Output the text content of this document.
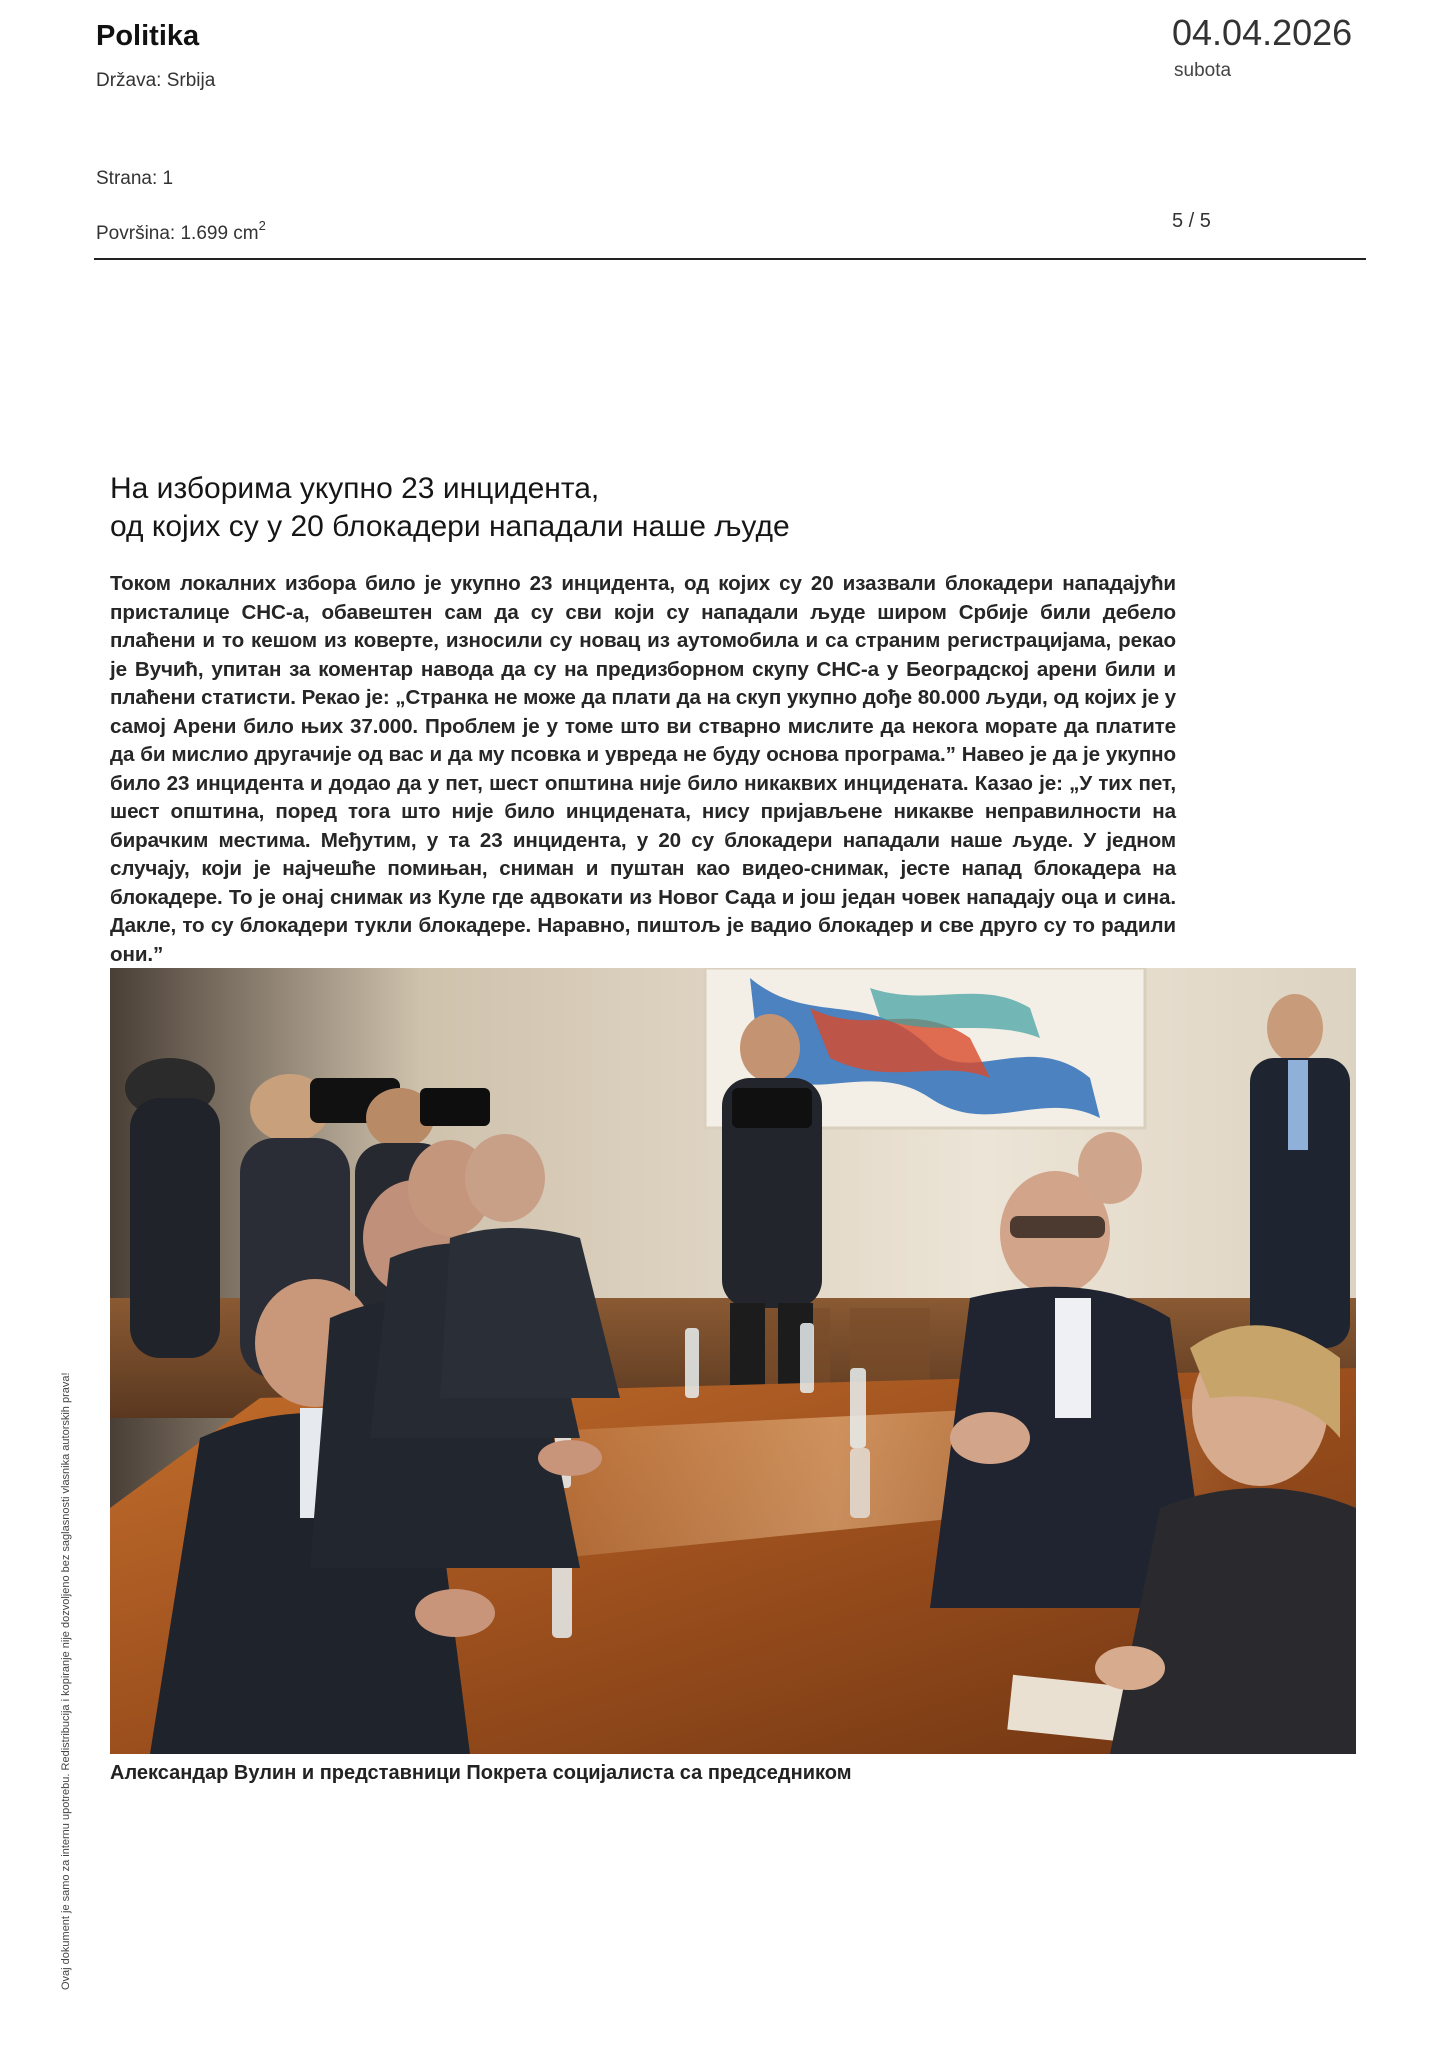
Politika
Država: Srbija
04.04.2026
subota
Strana: 1
Površina: 1.699 $cm^2$	5 / 5
На изборима укупно 23 инцидента,
од којих су у 20 блокадери нападали наше људе

Током локалних избора било је укупно 23 инцидента, од којих су 20 изазвали блокадери нападајући присталице СНС-а, обавештен сам да су сви који су нападали људе широм Србије били дебело плаћени и то кешом из коверте, износили су новац из аутомобила и са страним регистрацијама, рекао је Вучић, упитан за коментар навода да су на предизборном скупу СНС-а у Београдској арени били и плаћени статисти. Рекао је: „Странка не може да плати да на скуп укупно дође 80.000 људи, од којих је у самој Арени било њих 37.000. Проблем је у томе што ви стварно мислите да некога морате да платите да би мислио другачије од вас и да му псовка и увреда не буду основа програма.” Навео је да је укупно било 23 инцидента и додао да у пет, шест општина није било никаквих инцидената. Казао је: „У тих пет, шест општина, поред тога што није било инцидената, нису пријављене никакве неправилности на бирачким местима. Међутим, у та 23 инцидента, у 20 су блокадери нападали наше људе. У једном случају, који је најчешће помињан, сниман и пуштан као видео-снимак, јесте напад блокадера на блокадере. То је онај снимак из Куле где адвокати из Новог Сада и још један човек нападају оца и сина. Дакле, то су блокадери тукли блокадере. Наравно, пиштољ је вадио блокадер и све друго су то радили они.”

Александар Вулин и представници Покрета социјалиста са председником
Ovaj dokument je samo za internu upotrebu. Redistribucija i kopiranje nije dozvoljeno bez saglasnosti vlasnika autorskih prava!
